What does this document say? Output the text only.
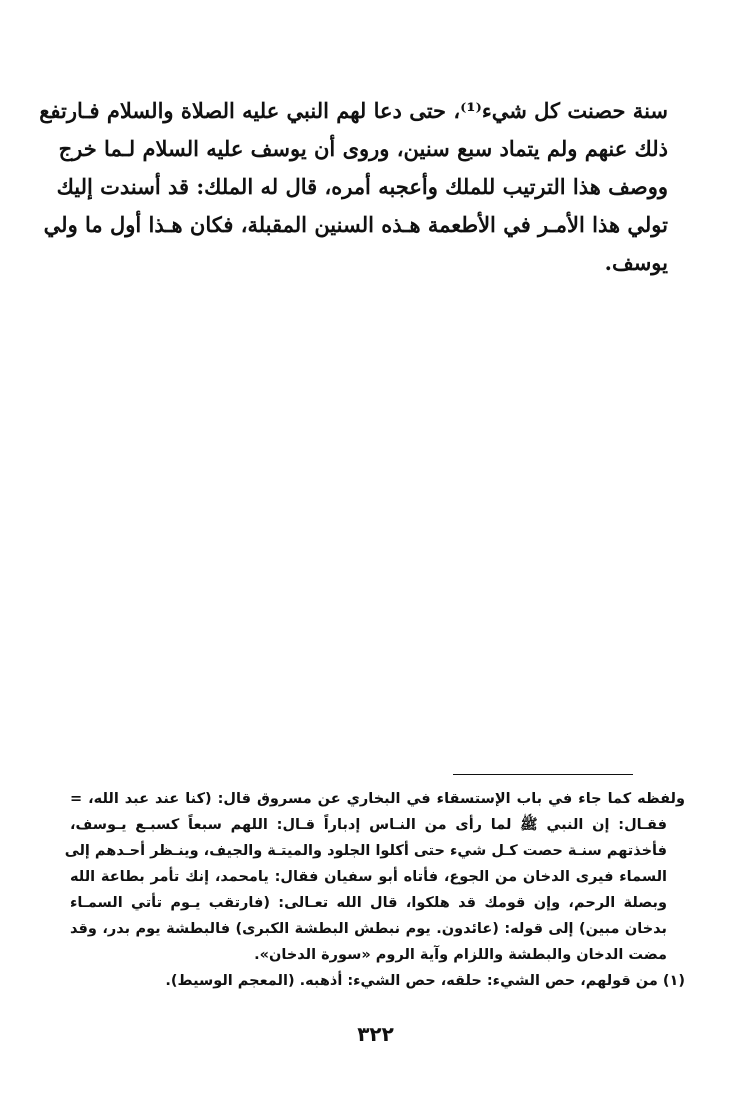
سنة حصنت كل شيء⁽¹⁾، حتى دعا لهم النبي عليه الصلاة والسلام فـارتفع
ذلك عنهم ولم يتماد سبع سنين، وروى أن يوسف عليه السلام لـما خرج
ووصف هذا الترتيب للملك وأعجبه أمره، قال له الملك: قد أسندت إليك
تولي هذا الأمـر في الأطعمة هـذه السنين المقبلة، فكان هـذا أول ما ولي
يوسف.
ولفظه كما جاء في باب الإستسقاء في البخاري عن مسروق قال: (كنا عند عبد الله، =
فقـال: إن النبي ﷺ لما رأى من النـاس إدباراً قـال: اللهم سبعاً كسبـع يـوسف،
فأخذتهم سنـة حصت كـل شيء حتى أكلوا الجلود والميتـة والجيف، وينـظر أحـدهم إلى
السماء فيرى الدخان من الجوع، فأتاه أبو سفيان فقال: يامحمد، إنك تأمر بطاعة الله
وبصلة الرحم، وإن قومك قد هلكوا، قال الله تعـالى: (فارتقب يـوم تأتي السمـاء
بدخان مبين) إلى قوله: (عائدون. يوم نبطش البطشة الكبرى) فالبطشة يوم بدر، وقد
مضت الدخان والبطشة واللزام وآية الروم «سورة الدخان».
(١) من قولهم، حص الشيء: حلقه، حص الشيء: أذهبه. (المعجم الوسيط).
٣٢٢
